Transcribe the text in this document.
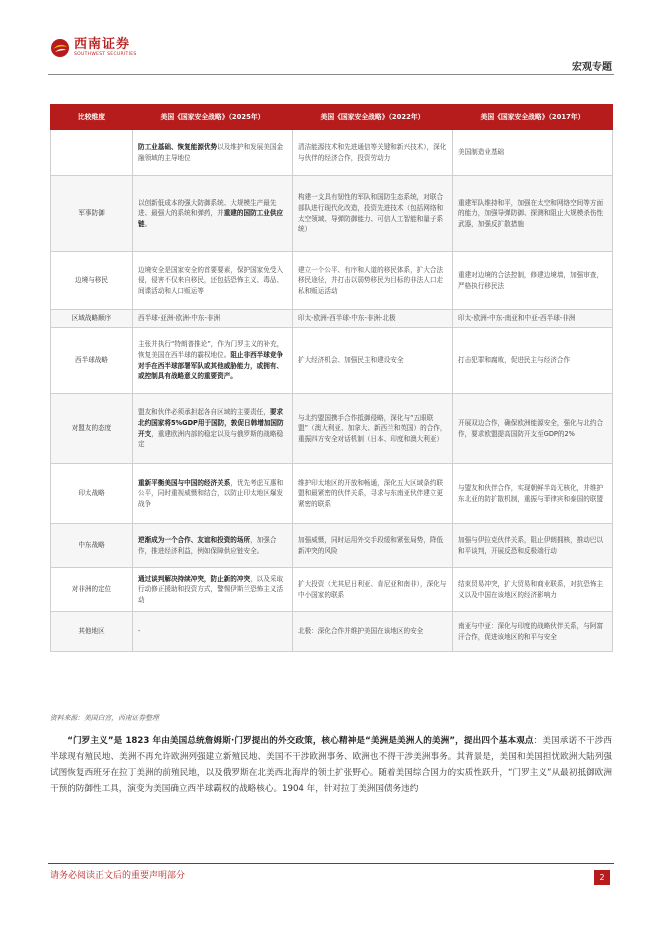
西南证券
SOUTHWEST SECURITIES
宏观专题
比较维度	美国《国家安全战略》（2025年）	美国《国家安全战略》（2022年）	美国《国家安全战略》（2017年）
	防工业基础、恢复能源优势以及维护和发展美国金融领域的主导地位	清洁能源技术和先进通信等关键和新兴技术），深化与伙伴的经济合作，投资劳动力	美国制造业基础
军事防御	以创新低成本的强大防御系统、大规模生产最先进、最强大的系统和弹药，并重建的国防工业供应链。	构建一支具有韧性的军队和国防生态系统，对联合部队进行现代化改造，投资先进技术（包括网络和太空领域、导弹防御能力、可信人工智能和量子系统）	重建军队维持和平，加强在太空和网络空间等方面的能力，加强导弹防御、探测和阻止大规模杀伤性武器，加强反扩散措施
边境与移民	边境安全是国家安全的首要要素，保护国家免受入侵，侵害不仅来自移民，还包括恐怖主义、毒品、间谍活动和人口贩运等	建立一个公平、有序和人道的移民体系，扩大合法移民途径，并打击以弱势移民为目标的非法人口走私和贩运活动	重建对边境的合法控制，修建边境墙，加强审查，严格执行移民法
区域战略顺序	西半球-亚洲-欧洲-中东-非洲	印太-欧洲-西半球-中东-非洲-北极	印太-欧洲-中东-南亚和中亚-西半球-非洲
西半球战略	主张并执行“特朗普推论”，作为门罗主义的补充，恢复美国在西半球的霸权地位。阻止非西半球竞争对手在西半球部署军队或其他威胁能力，或拥有、或控制具有战略意义的重要资产。	扩大经济机会、加强民主和建设安全	打击犯罪和腐败，促进民主与经济合作
对盟友的态度	盟友和伙伴必须承担起各自区域的主要责任，要求北约国家将5%GDP用于国防，敦促日韩增加国防开支，重建欧洲内部的稳定以及与俄罗斯的战略稳定	与北约盟国携手合作抵御侵略，深化与“五眼联盟”（澳大利亚、加拿大、新西兰和英国）的合作，重振四方安全对话机制（日本、印度和澳大利亚）	开展双边合作，确保欧洲能源安全，强化与北约合作，要求欧盟提高国防开支至GDP的2%
印太战略	重新平衡美国与中国的经济关系，优先考虑互惠和公平，同时重视威慑和结合，以防止印太地区爆发战争	维护印太地区的开放和畅通，深化五大区域条约联盟和最紧密的伙伴关系，寻求与东南亚伙伴建立更紧密的联系	与盟友和伙伴合作，实现朝鲜半岛无核化，并维护东北亚的防扩散机制，重振与菲律宾和泰国的联盟
中东战略	逆渐成为一个合作、友谊和投资的场所，加强合作，推进经济利益，例如保障供应链安全。	加强威慑，同时运用外交手段缓和紧张局势，降低新冲突的风险	加强与伊拉克伙伴关系，阻止伊朗拥核，推动巴以和平谈判，开展反恐和反极端行动
对非洲的定位	通过谈判解决持续冲突，防止新的冲突，以及采取行动修正援助和投资方式，警惕伊斯兰恐怖主义活动	扩大投资（尤其尼日利亚、肯尼亚和南非），深化与中小国家的联系	结束贸易冲突，扩大贸易和商业联系，对抗恐怖主义以及中国在该地区的经济影响力
其他地区	-	北极：深化合作并维护美国在该地区的安全	南亚与中亚：深化与印度的战略伙伴关系，与阿富汗合作，促进该地区的和平与安全
资料来源：美国白宫，西南证券整理

“门罗主义”是 1823 年由美国总统詹姆斯·门罗提出的外交政策，核心精神是“美洲是美洲人的美洲”，提出四个基本观点：美国承诺不干涉西半球现有殖民地、美洲不再允许欧洲列强建立新殖民地、美国不干涉欧洲事务、欧洲也不得干涉美洲事务。其背景是，美国和美国担忧欧洲大陆列强试图恢复西班牙在拉丁美洲的前殖民地，以及俄罗斯在北美西北海岸的领土扩张野心。随着美国综合国力的实质性跃升，“门罗主义”从最初抵御欧洲干预的防御性工具，演变为美国确立西半球霸权的战略核心。1904 年，针对拉丁美洲国债务违约

请务必阅读正文后的重要声明部分	2
